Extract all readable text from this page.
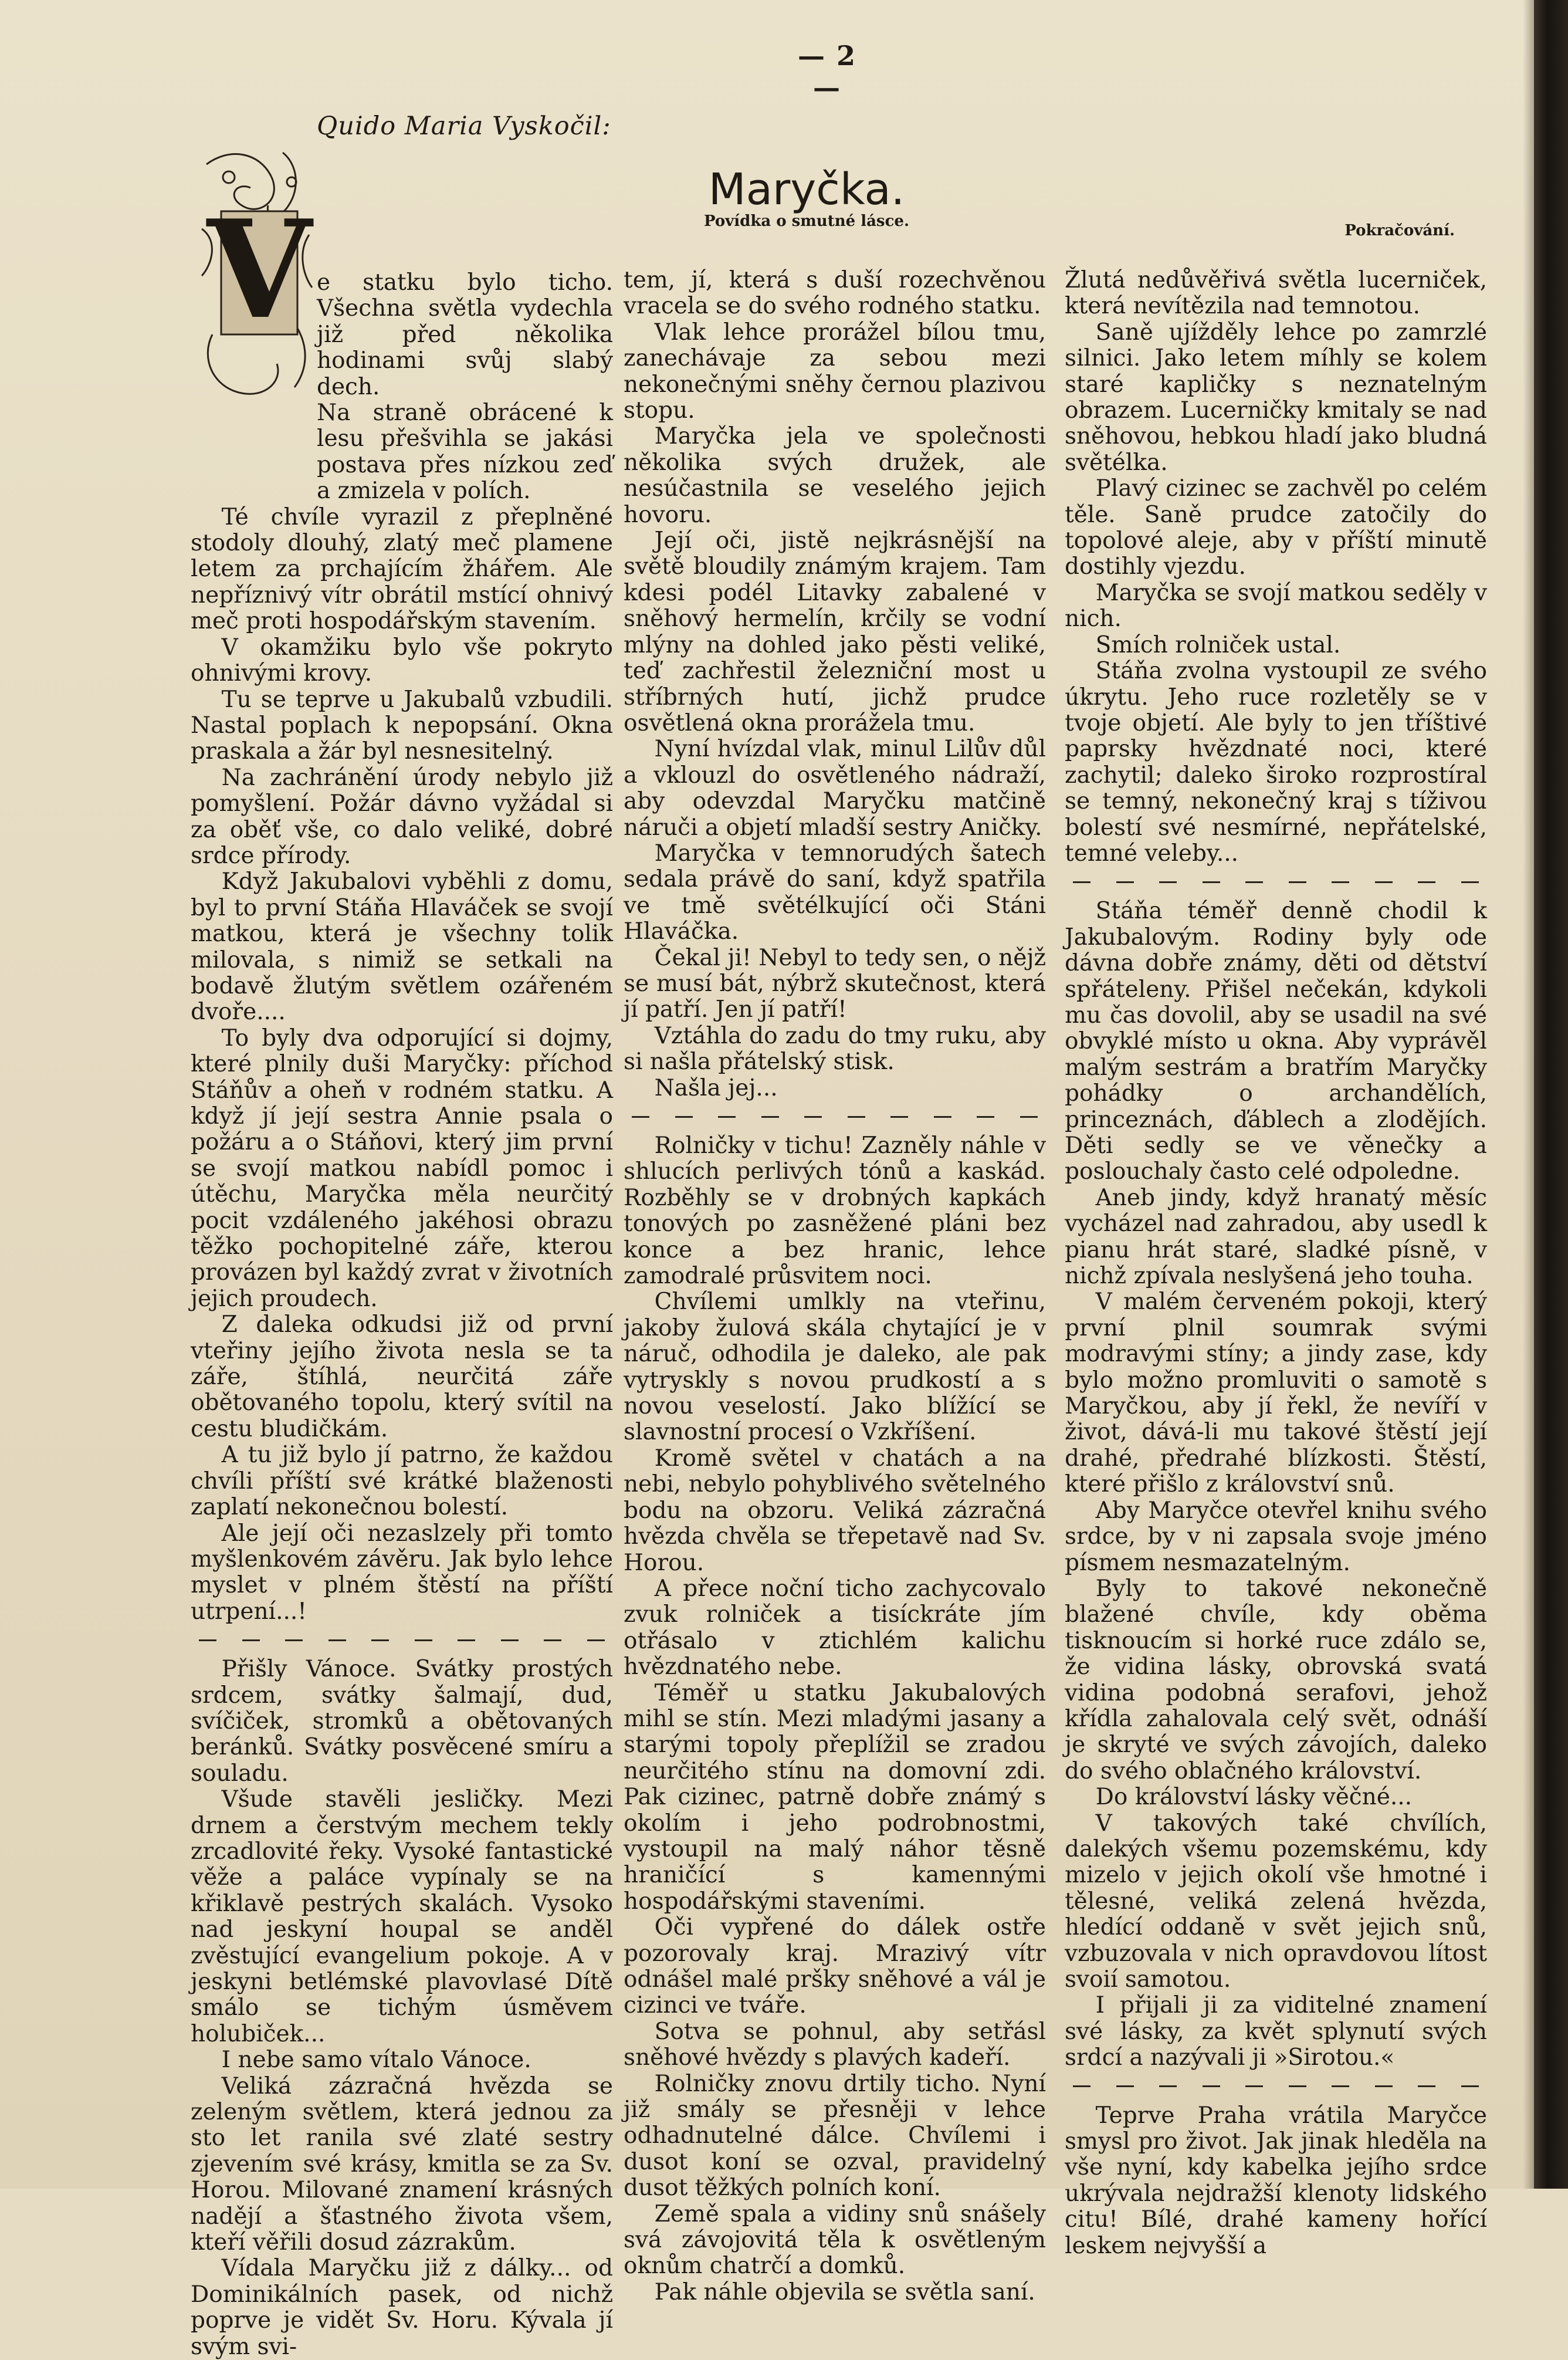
— 2 —
Quido Maria Vyskočil:
Maryčka.
Povídka o smutné lásce.
Pokračování.
V e statku bylo ticho. Všechna světla vydechla již před několika hodinami svůj slabý dech.

Na straně obrácené k lesu přešvihla se jakási postava přes nízkou zeď a zmizela v polích.

Té chvíle vyrazil z přeplněné stodoly dlouhý, zlatý meč plamene letem za prchajícím žhářem. Ale nepříznivý vítr obrátil mstící ohnivý meč proti hospodářským stavením.

V okamžiku bylo vše pokryto ohnivými krovy.

Tu se teprve u Jakubalů vzbudili. Nastal poplach k nepopsání. Okna praskala a žár byl nesnesitelný.

Na zachránění úrody nebylo již pomyšlení. Požár dávno vyžádal si za oběť vše, co dalo veliké, dobré srdce přírody.

Když Jakubalovi vyběhli z domu, byl to první Stáňa Hlaváček se svojí matkou, která je všechny tolik milovala, s nimiž se setkali na bodavě žlutým světlem ozářeném dvoře....

To byly dva odporující si dojmy, které plnily duši Maryčky: příchod Stáňův a oheň v rodném statku. A když jí její sestra Annie psala o požáru a o Stáňovi, který jim první se svojí matkou nabídl pomoc i útěchu, Maryčka měla neurčitý pocit vzdáleného jakéhosi obrazu těžko pochopitelné záře, kterou provázen byl každý zvrat v životních jejich proudech.

Z daleka odkudsi již od první vteřiny jejího života nesla se ta záře, štíhlá, neurčitá záře obětovaného topolu, který svítil na cestu bludičkám.

A tu již bylo jí patrno, že každou chvíli příští své krátké blaženosti zaplatí nekonečnou bolestí.

Ale její oči nezaslzely při tomto myšlenkovém závěru. Jak bylo lehce myslet v plném štěstí na příští utrpení...!

Přišly Vánoce. Svátky prostých srdcem, svátky šalmají, dud, svíčiček, stromků a obětovaných beránků. Svátky posvěcené smíru a souladu.

Všude stavěli jesličky. Mezi drnem a čerstvým mechem tekly zrcadlovité řeky. Vysoké fantastické věže a paláce vypínaly se na křiklavě pestrých skalách. Vysoko nad jeskyní houpal se anděl zvěstující evangelium pokoje. A v jeskyni betlémské plavovlasé Dítě smálo se tichým úsměvem holubiček...

I nebe samo vítalo Vánoce.

Veliká zázračná hvězda se zeleným světlem, která jednou za sto let ranila své zlaté sestry zjevením své krásy, kmitla se za Sv. Horou. Milované znamení krásných nadějí a šťastného života všem, kteří věřili dosud zázrakům.

Vídala Maryčku již z dálky... od Dominikálních pasek, od nichž poprve je vidět Sv. Horu. Kývala jí svým svi-

tem, jí, která s duší rozechvěnou vracela se do svého rodného statku.

Vlak lehce prorážel bílou tmu, zanechávaje za sebou mezi nekonečnými sněhy černou plazivou stopu.

Maryčka jela ve společnosti několika svých družek, ale nesúčastnila se veselého jejich hovoru.

Její oči, jistě nejkrásnější na světě bloudily známým krajem. Tam kdesi podél Litavky zabalené v sněhový hermelín, krčily se vodní mlýny na dohled jako pěsti veliké, teď zachřestil železniční most u stříbrných hutí, jichž prudce osvětlená okna prorážela tmu.

Nyní hvízdal vlak, minul Lilův důl a vklouzl do osvětleného nádraží, aby odevzdal Maryčku matčině náruči a objetí mladší sestry Aničky.

Maryčka v temnorudých šatech sedala právě do saní, když spatřila ve tmě světélkující oči Stáni Hlaváčka.

Čekal ji! Nebyl to tedy sen, o nějž se musí bát, nýbrž skutečnost, která jí patří. Jen jí patří!

Vztáhla do zadu do tmy ruku, aby si našla přátelský stisk.

Našla jej...

Rolničky v tichu! Zazněly náhle v shlucích perlivých tónů a kaskád. Rozběhly se v drobných kapkách tonových po zasněžené pláni bez konce a bez hranic, lehce zamodralé průsvitem noci.

Chvílemi umlkly na vteřinu, jakoby žulová skála chytající je v náruč, odhodila je daleko, ale pak vytryskly s novou prudkostí a s novou veselostí. Jako blížící se slavnostní procesí o Vzkříšení.

Kromě světel v chatách a na nebi, nebylo pohyblivého světelného bodu na obzoru. Veliká zázračná hvězda chvěla se třepetavě nad Sv. Horou.

A přece noční ticho zachycovalo zvuk rolniček a tisíckráte jím otřásalo v ztichlém kalichu hvězdnatého nebe.

Téměř u statku Jakubalových mihl se stín. Mezi mladými jasany a starými topoly přeplížil se zradou neurčitého stínu na domovní zdi. Pak cizinec, patrně dobře známý s okolím i jeho podrobnostmi, vystoupil na malý náhor těsně hraničící s kamennými hospodářskými staveními.

Oči vypřené do dálek ostře pozorovaly kraj. Mrazivý vítr odnášel malé pršky sněhové a vál je cizinci ve tváře.

Sotva se pohnul, aby setřásl sněhové hvězdy s plavých kadeří.

Rolničky znovu drtily ticho. Nyní již smály se přesněji v lehce odhadnutelné dálce. Chvílemi i dusot koní se ozval, pravidelný dusot těžkých polních koní.

Země spala a vidiny snů snášely svá závojovitá těla k osvětleným oknům chatrčí a domků.

Pak náhle objevila se světla saní.

Žlutá nedůvěřivá světla lucerniček, která nevítězila nad temnotou.

Saně ujížděly lehce po zamrzlé silnici. Jako letem míhly se kolem staré kapličky s neznatelným obrazem. Lucerničky kmitaly se nad sněhovou, hebkou hladí jako bludná světélka.

Plavý cizinec se zachvěl po celém těle. Saně prudce zatočily do topolové aleje, aby v příští minutě dostihly vjezdu.

Maryčka se svojí matkou seděly v nich.

Smích rolniček ustal.

Stáňa zvolna vystoupil ze svého úkrytu. Jeho ruce rozletěly se v tvoje objetí. Ale byly to jen tříštivé paprsky hvězdnaté noci, které zachytil; daleko široko rozprostíral se temný, nekonečný kraj s tíživou bolestí své nesmírné, nepřátelské, temné veleby...

Stáňa téměř denně chodil k Jakubalovým. Rodiny byly ode dávna dobře známy, děti od dětství spřáteleny. Přišel nečekán, kdykoli mu čas dovolil, aby se usadil na své obvyklé místo u okna. Aby vyprávěl malým sestrám a bratřím Maryčky pohádky o archandělích, princeznách, ďáblech a zlodějích. Děti sedly se ve věnečky a poslouchaly často celé odpoledne.

Aneb jindy, když hranatý měsíc vycházel nad zahradou, aby usedl k pianu hrát staré, sladké písně, v nichž zpívala neslyšená jeho touha.

V malém červeném pokoji, který první plnil soumrak svými modravými stíny; a jindy zase, kdy bylo možno promluviti o samotě s Maryčkou, aby jí řekl, že nevíří v život, dává-li mu takové štěstí její drahé, předrahé blízkosti. Štěstí, které přišlo z království snů.

Aby Maryčce otevřel knihu svého srdce, by v ni zapsala svoje jméno písmem nesmazatelným.

Byly to takové nekonečně blažené chvíle, kdy oběma tisknoucím si horké ruce zdálo se, že vidina lásky, obrovská svatá vidina podobná serafovi, jehož křídla zahalovala celý svět, odnáší je skryté ve svých závojích, daleko do svého oblačného království.

Do království lásky věčné...

V takových také chvílích, dalekých všemu pozemskému, kdy mizelo v jejich okolí vše hmotné i tělesné, veliká zelená hvězda, hledící oddaně v svět jejich snů, vzbuzovala v nich opravdovou lítost svoií samotou.

I přijali ji za viditelné znamení své lásky, za květ splynutí svých srdcí a nazývali ji »Sirotou.«

Teprve Praha vrátila Maryčce smysl pro život. Jak jinak hleděla na vše nyní, kdy kabelka jejího srdce ukrývala nejdražší klenoty lidského citu! Bílé, drahé kameny hořící leskem nejvyšší a
